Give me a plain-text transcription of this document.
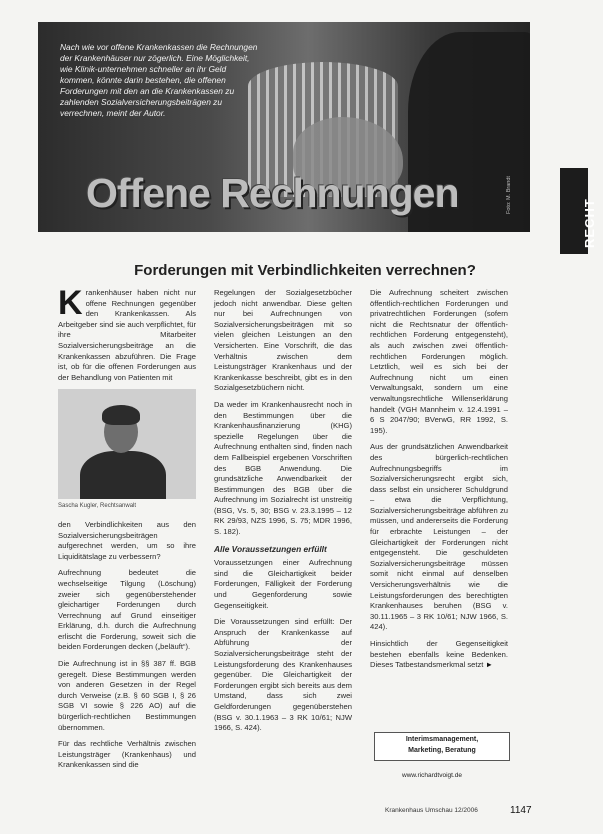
Nach wie vor offene Krankenkassen die Rechnungen der Krankenhäuser nur zögerlich. Eine Möglichkeit, wie Klinik-unternehmen schneller an ihr Geld kommen, könnte darin bestehen, die offenen Forderungen mit den an die Krankenkassen zu zahlenden Sozialversicherungsbeiträgen zu verrechnen, meint der Autor.
Offene Rechnungen	Foto: M. Brandt
RECHT
Forderungen mit Verbindlichkeiten verrechnen?

Krankenhäuser haben nicht nur offene Rechnungen gegenüber den Krankenkassen. Als Arbeitgeber sind sie auch verpflichtet, für ihre Mitarbeiter Sozialversicherungsbeiträge an die Krankenkassen abzuführen. Die Frage ist, ob für die offenen Forderungen aus der Behandlung von Patienten mit

Sascha Kugler, Rechtsanwalt

den Verbindlichkeiten aus den Sozialversicherungsbeiträgen aufgerechnet werden, um so ihre Liquiditätslage zu verbessern?

Aufrechnung bedeutet die wechselseitige Tilgung (Löschung) zweier sich gegenüberstehender gleichartiger Forderungen durch Verrechnung auf Grund einseitiger Erklärung, d.h. durch die Aufrechnung erlischt die Forderung, soweit sich die beiden Forderungen decken („beläuft“).

Die Aufrechnung ist in §§ 387 ff. BGB geregelt. Diese Bestimmungen werden von anderen Gesetzen in der Regel durch Verweise (z.B. § 60 SGB I, § 26 SGB VI sowie § 226 AO) auf die bürgerlich-rechtlichen Bestimmungen übernommen.

Für das rechtliche Verhältnis zwischen Leistungsträger (Krankenhaus) und Krankenkassen sind die

Regelungen der Sozialgesetzbücher jedoch nicht anwendbar. Diese gelten nur bei Aufrechnungen von Sozialversicherungsbeiträgen mit so vielen gleichen Leistungen an den Versicherten. Eine Vorschrift, die das Verhältnis zwischen dem Leistungsträger Krankenhaus und der Krankenkasse beschreibt, gibt es in den Sozialgesetzbüchern nicht.

Da weder im Krankenhausrecht noch in den Bestimmungen über die Krankenhausfinanzierung (KHG) spezielle Regelungen über die Aufrechnung enthalten sind, finden nach dem Fallbeispiel ergebenen Vorschriften des BGB Anwendung. Die grundsätzliche Anwendbarkeit der Bestimmungen des BGB über die Aufrechnung im Sozialrecht ist unstreitig (BSG, Vs. 5, 30; BSG v. 23.3.1995 – 12 RK 29/93, NZS 1996, S. 75; MDR 1996, S. 182).

Alle Voraussetzungen erfüllt

Voraussetzungen einer Aufrechnung sind die Gleichartigkeit beider Forderungen, Fälligkeit der Forderung und Gegenforderung sowie Gegenseitigkeit.

Die Voraussetzungen sind erfüllt: Der Anspruch der Krankenkasse auf Abführung der Sozialversicherungsbeiträge steht der Leistungsforderung des Krankenhauses gegenüber. Die Gleichartigkeit der Forderungen ergibt sich bereits aus dem Umstand, dass sich zwei Geldforderungen gegenüberstehen (BSG v. 30.1.1963 – 3 RK 10/61; NJW 1966, S. 424).

Die Aufrechnung scheitert zwischen öffentlich-rechtlichen Forderungen und privatrechtlichen Forderungen (sofern nicht die Rechtsnatur der öffentlich-rechtlichen Forderung entgegensteht), als auch zwischen zwei öffentlich-rechtlichen Forderungen möglich. Letztlich, weil es sich bei der Aufrechnung nicht um einen Verwaltungsakt, sondern um eine verwaltungsrechtliche Willenserklärung handelt (VGH Mannheim v. 12.4.1991 – 6 S 2047/90; BVerwG, RR 1992, S. 195).

Aus der grundsätzlichen Anwendbarkeit des bürgerlich-rechtlichen Aufrechnungsbegriffs im Sozialversicherungsrecht ergibt sich, dass selbst ein unsicherer Schuldgrund – etwa die Verpflichtung, Sozialversicherungsbeiträge abführen zu müssen, und andererseits die Forderung für erbrachte Leistungen – der Gleichartigkeit der Forderungen nicht entgegensteht. Die geschuldeten Sozialversicherungsbeiträge müssen somit nicht einmal auf denselben Versicherungsverhältnis wie die Leistungsforderungen des berechtigten Krankenhauses beruhen (BSG v. 30.11.1965 – 3 RK 10/61; NJW 1966, S. 424).

Hinsichtlich der Gegenseitigkeit bestehen ebenfalls keine Bedenken. Dieses Tatbestandsmerkmal setzt ►

Interimsmanagement,
Marketing, Beratung
www.richardtvoigt.de
Krankenhaus Umschau 12/2006	1147
